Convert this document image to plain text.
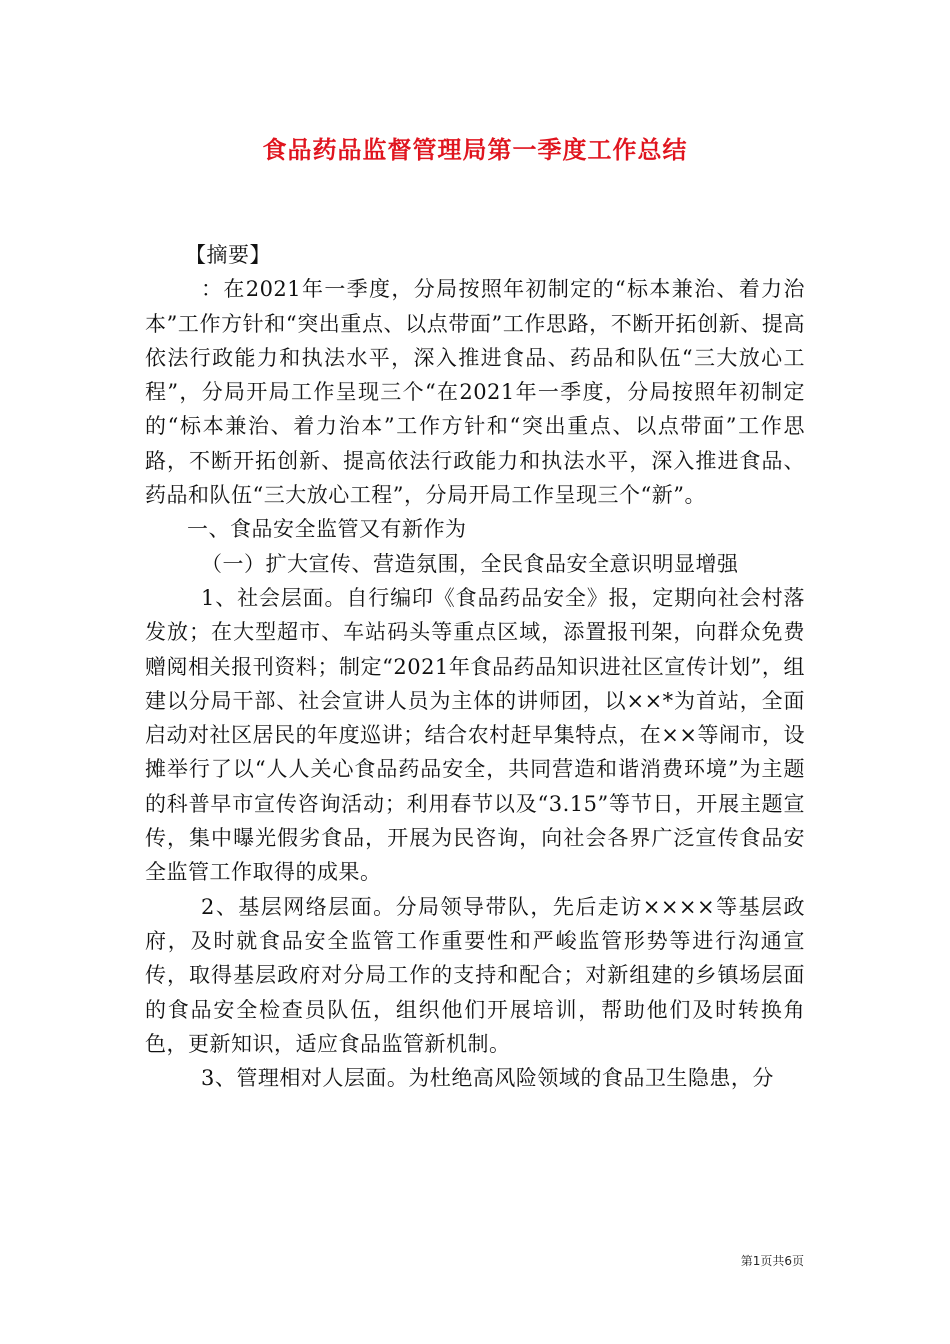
食品药品监督管理局第一季度工作总结

【摘要】

：在2021年一季度，分局按照年初制定的“标本兼治、着力治本”工作方针和“突出重点、以点带面”工作思路，不断开拓创新、提高依法行政能力和执法水平，深入推进食品、药品和队伍“三大放心工程”，分局开局工作呈现三个“在2021年一季度，分局按照年初制定的“标本兼治、着力治本”工作方针和“突出重点、以点带面”工作思路，不断开拓创新、提高依法行政能力和执法水平，深入推进食品、药品和队伍“三大放心工程”，分局开局工作呈现三个“新”。

一、食品安全监管又有新作为

（一）扩大宣传、营造氛围，全民食品安全意识明显增强

1、社会层面。自行编印《食品药品安全》报，定期向社会村落发放；在大型超市、车站码头等重点区域，添置报刊架，向群众免费赠阅相关报刊资料；制定“2021年食品药品知识进社区宣传计划”，组建以分局干部、社会宣讲人员为主体的讲师团，以××*为首站，全面启动对社区居民的年度巡讲；结合农村赶早集特点，在××等闹市，设摊举行了以“人人关心食品药品安全，共同营造和谐消费环境”为主题的科普早市宣传咨询活动；利用春节以及“3.15”等节日，开展主题宣传，集中曝光假劣食品，开展为民咨询，向社会各界广泛宣传食品安全监管工作取得的成果。

2、基层网络层面。分局领导带队，先后走访××××等基层政府，及时就食品安全监管工作重要性和严峻监管形势等进行沟通宣传，取得基层政府对分局工作的支持和配合；对新组建的乡镇场层面的食品安全检查员队伍，组织他们开展培训，帮助他们及时转换角色，更新知识，适应食品监管新机制。

3、管理相对人层面。为杜绝高风险领域的食品卫生隐患，分

第1页共6页
